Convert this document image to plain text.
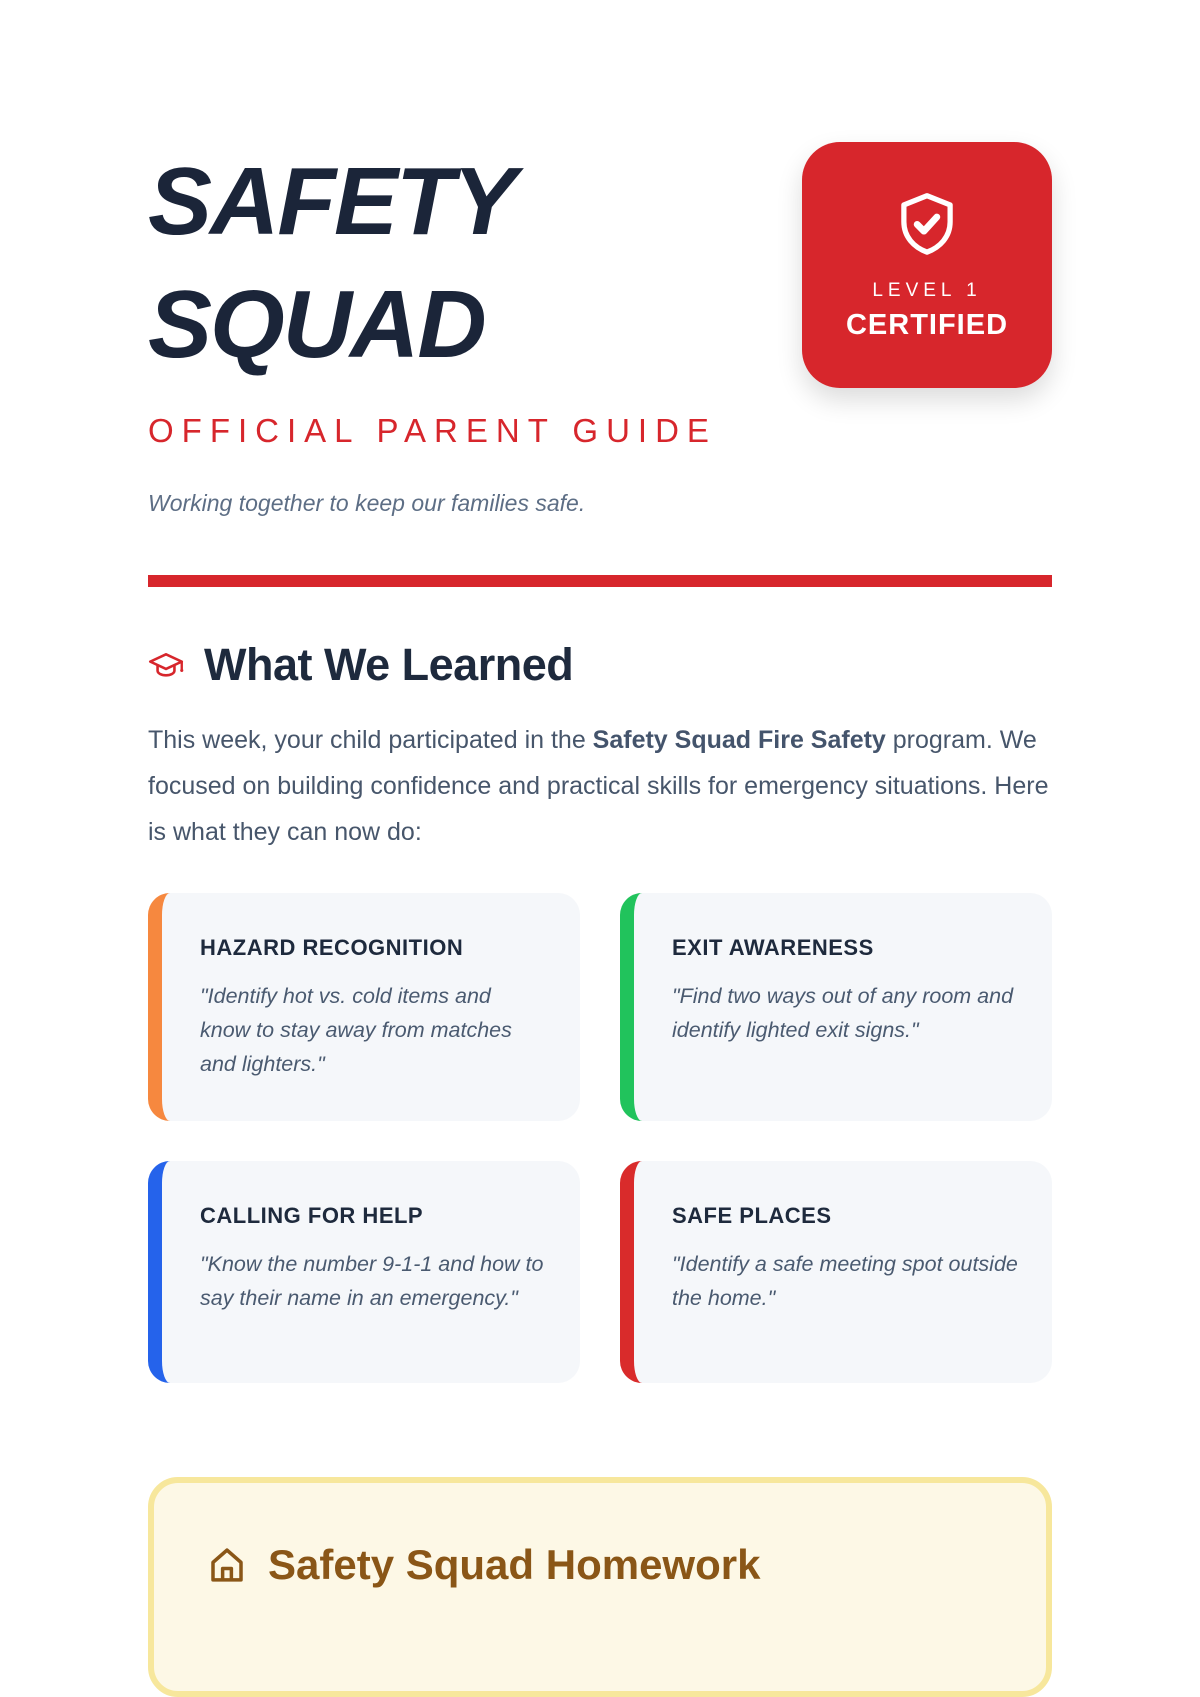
SAFETY
SQUAD
OFFICIAL PARENT GUIDE
LEVEL 1
CERTIFIED

Working together to keep our families safe.

What We Learned

This week, your child participated in the Safety Squad Fire Safety program. We focused on building confidence and practical skills for emergency situations. Here is what they can now do:

HAZARD RECOGNITION

"Identify hot vs. cold items and know to stay away from matches and lighters."

EXIT AWARENESS

"Find two ways out of any room and identify lighted exit signs."

CALLING FOR HELP

"Know the number 9-1-1 and how to say their name in an emergency."

SAFE PLACES

"Identify a safe meeting spot outside the home."

Safety Squad Homework
